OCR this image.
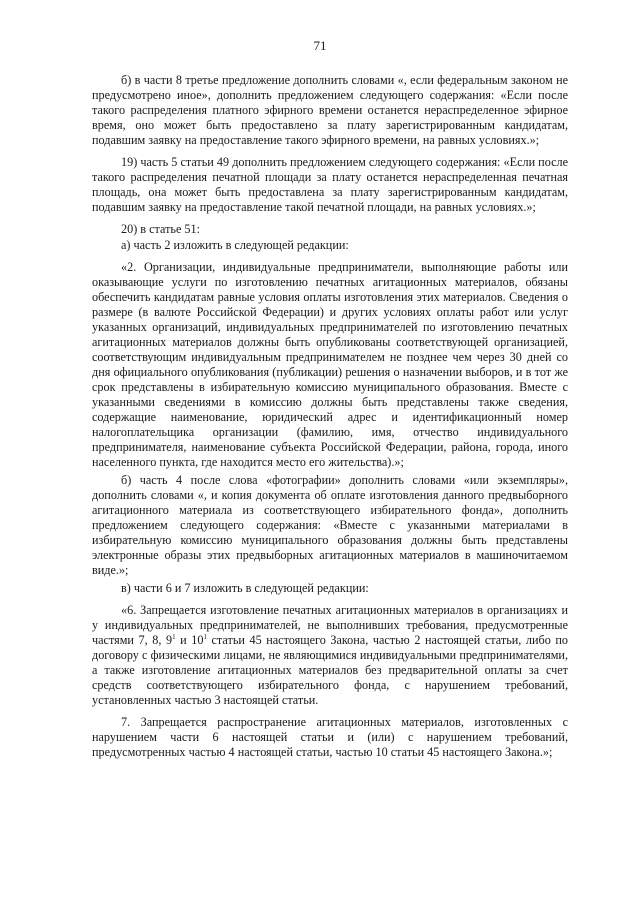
71

б) в части 8 третье предложение дополнить словами «, если федеральным законом не предусмотрено иное», дополнить предложением следующего содержания: «Если после такого распределения платного эфирного времени останется нераспределенное эфирное время, оно может быть предоставлено за плату зарегистрированным кандидатам, подавшим заявку на предоставление такого эфирного времени, на равных условиях.»;

19) часть 5 статьи 49 дополнить предложением следующего содержания: «Если после такого распределения печатной площади за плату останется нераспределенная печатная площадь, она может быть предоставлена за плату зарегистрированным кандидатам, подавшим заявку на предоставление такой печатной площади, на равных условиях.»;

20) в статье 51:

а) часть 2 изложить в следующей редакции:

«2. Организации, индивидуальные предприниматели, выполняющие работы или оказывающие услуги по изготовлению печатных агитационных материалов, обязаны обеспечить кандидатам равные условия оплаты изготовления этих материалов. Сведения о размере (в валюте Российской Федерации) и других условиях оплаты работ или услуг указанных организаций, индивидуальных предпринимателей по изготовлению печатных агитационных материалов должны быть опубликованы соответствующей организацией, соответствующим индивидуальным предпринимателем не позднее чем через 30 дней со дня официального опубликования (публикации) решения о назначении выборов, и в тот же срок представлены в избирательную комиссию муниципального образования. Вместе с указанными сведениями в комиссию должны быть представлены также сведения, содержащие наименование, юридический адрес и идентификационный номер налогоплательщика организации (фамилию, имя, отчество индивидуального предпринимателя, наименование субъекта Российской Федерации, района, города, иного населенного пункта, где находится место его жительства).»;

б) часть 4 после слова «фотографии» дополнить словами «или экземпляры», дополнить словами «, и копия документа об оплате изготовления данного предвыборного агитационного материала из соответствующего избирательного фонда», дополнить предложением следующего содержания: «Вместе с указанными материалами в избирательную комиссию муниципального образования должны быть представлены электронные образы этих предвыборных агитационных материалов в машиночитаемом виде.»;

в) части 6 и 7 изложить в следующей редакции:

«6. Запрещается изготовление печатных агитационных материалов в организациях и у индивидуальных предпринимателей, не выполнивших требования, предусмотренные частями 7, 8, $9^1$ и $10^1$ статьи 45 настоящего Закона, частью 2 настоящей статьи, либо по договору с физическими лицами, не являющимися индивидуальными предпринимателями, а также изготовление агитационных материалов без предварительной оплаты за счет средств соответствующего избирательного фонда, с нарушением требований, установленных частью 3 настоящей статьи.

7. Запрещается распространение агитационных материалов, изготовленных с нарушением части 6 настоящей статьи и (или) с нарушением требований, предусмотренных частью 4 настоящей статьи, частью 10 статьи 45 настоящего Закона.»;
